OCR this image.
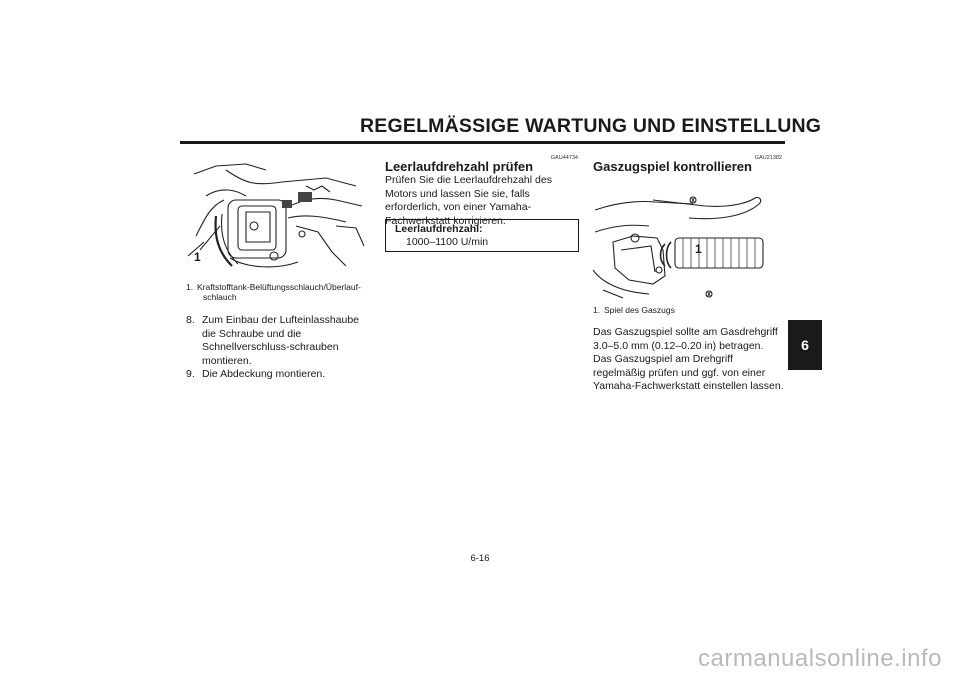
REGELMÄSSIGE WARTUNG UND EINSTELLUNG
6
1
1. Kraftstofftank-Belüftungsschlauch/Überlauf-
schlauch
8. Zum Einbau der Lufteinlasshaube die Schraube und die Schnellverschluss-schrauben montieren.
9. Die Abdeckung montieren.
GAU44734
Leerlaufdrehzahl prüfen
Prüfen Sie die Leerlaufdrehzahl des Motors und lassen Sie sie, falls erforderlich, von einer Yamaha-Fachwerkstatt korrigieren.
Leerlaufdrehzahl:
1000–1100 U/min
GAU21382
Gaszugspiel kontrollieren
1
1. Spiel des Gaszugs
Das Gaszugspiel sollte am Gasdrehgriff 3.0–5.0 mm (0.12–0.20 in) betragen. Das Gaszugspiel am Drehgriff regelmäßig prüfen und ggf. von einer Yamaha-Fachwerkstatt einstellen lassen.
6-16
carmanualsonline.info
